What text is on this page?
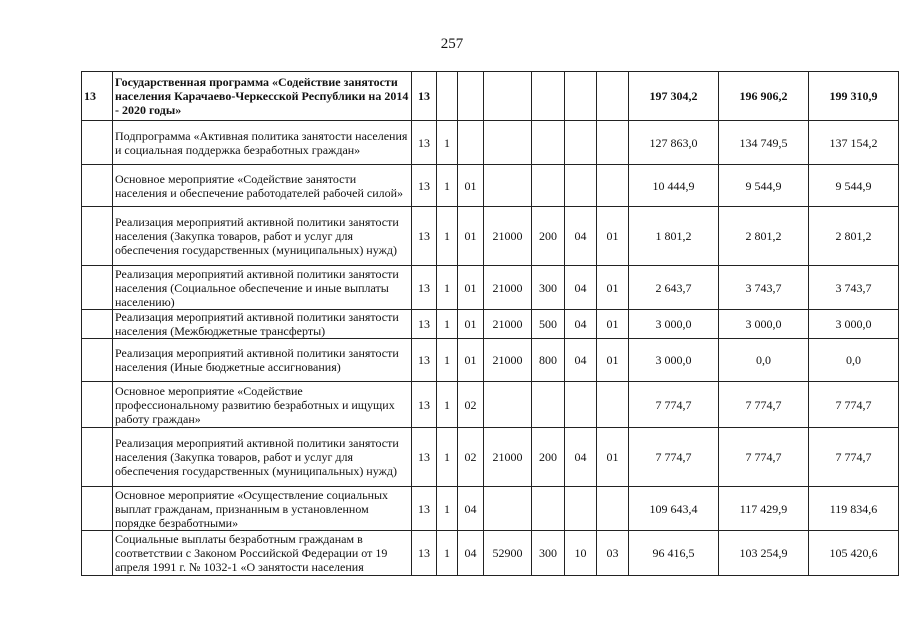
257
13	Государственная программа «Содействие занятости населения Карачаево-Черкесской Республики на 2014 - 2020 годы»	13							197 304,2	196 906,2	199 310,9
	Подпрограмма «Активная политика занятости населения и социальная поддержка безработных граждан»	13	1						127 863,0	134 749,5	137 154,2
	Основное мероприятие «Содействие занятости населения и обеспечение работодателей рабочей силой»	13	1	01					10 444,9	9 544,9	9 544,9
	Реализация мероприятий активной политики занятости населения (Закупка товаров, работ и услуг для обеспечения государственных (муниципальных) нужд)	13	1	01	21000	200	04	01	1 801,2	2 801,2	2 801,2
	Реализация мероприятий активной политики занятости населения (Социальное обеспечение и иные выплаты населению)	13	1	01	21000	300	04	01	2 643,7	3 743,7	3 743,7
	Реализация мероприятий активной политики занятости населения (Межбюджетные трансферты)	13	1	01	21000	500	04	01	3 000,0	3 000,0	3 000,0
	Реализация мероприятий активной политики занятости населения (Иные бюджетные ассигнования)	13	1	01	21000	800	04	01	3 000,0	0,0	0,0
	Основное мероприятие «Содействие профессиональному развитию безработных и ищущих работу граждан»	13	1	02					7 774,7	7 774,7	7 774,7
	Реализация мероприятий активной политики занятости населения (Закупка товаров, работ и услуг для обеспечения государственных (муниципальных) нужд)	13	1	02	21000	200	04	01	7 774,7	7 774,7	7 774,7
	Основное мероприятие «Осуществление социальных выплат гражданам, признанным в установленном порядке безработными»	13	1	04					109 643,4	117 429,9	119 834,6
	Социальные выплаты безработным гражданам в соответствии с Законом Российской Федерации от 19 апреля 1991 г. № 1032-1 «О занятости населения	13	1	04	52900	300	10	03	96 416,5	103 254,9	105 420,6
